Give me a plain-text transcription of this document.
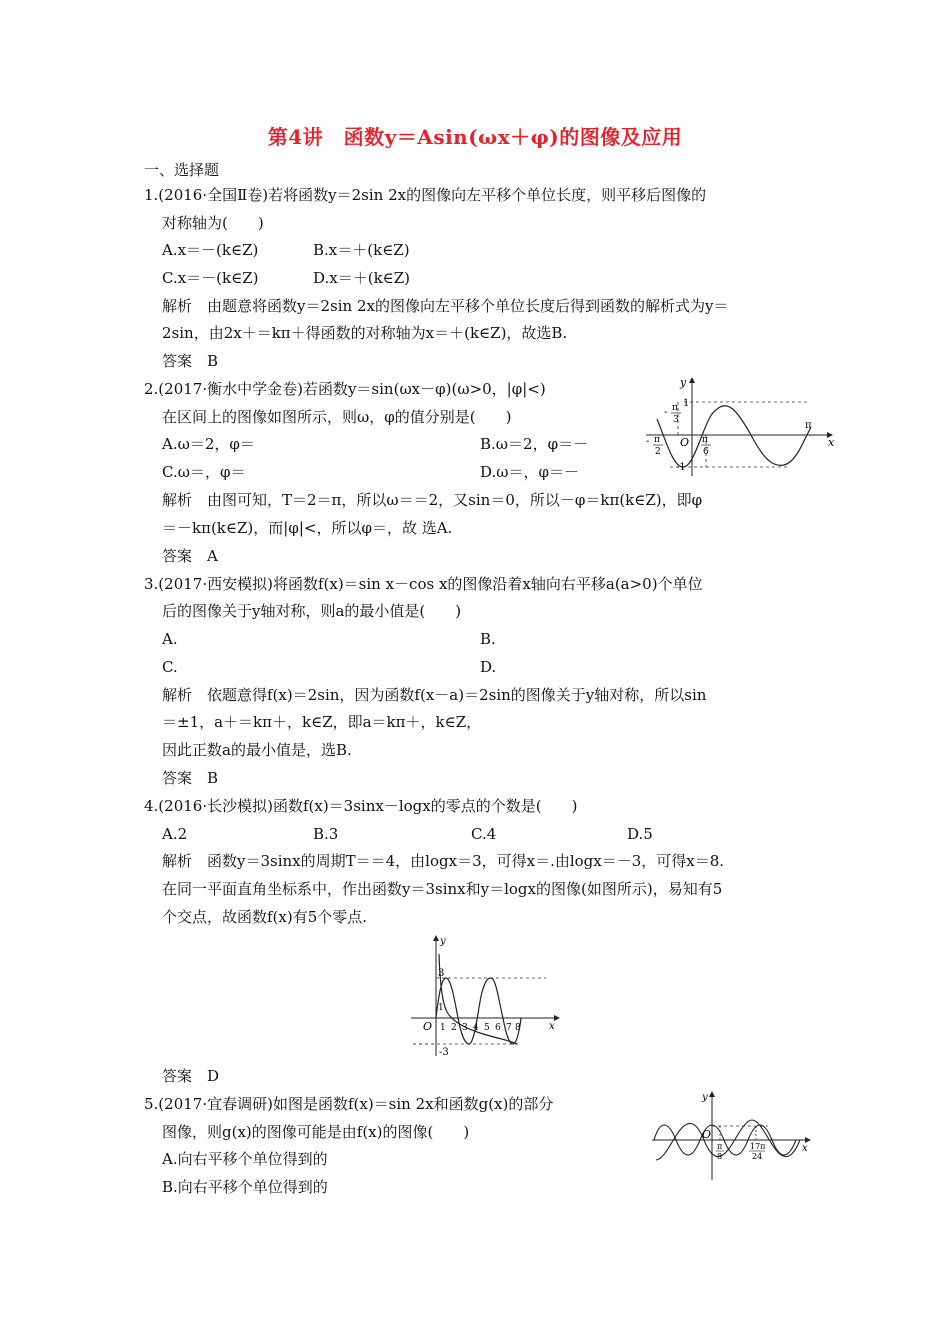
第4讲　函数y＝Asin(ωx＋φ)的图像及应用
一、选择题
1.(2016·全国Ⅱ卷)若将函数y＝2sin 2x的图像向左平移个单位长度，则平移后图像的
对称轴为(　　)
A.x＝－(k∈Z)	B.x＝＋(k∈Z)
C.x＝－(k∈Z)	D.x＝＋(k∈Z)
解析　由题意将函数y＝2sin 2x的图像向左平移个单位长度后得到函数的解析式为y＝
2sin，由2x＋＝kπ＋得函数的对称轴为x＝＋(k∈Z)，故选B.
答案　B
2.(2017·衡水中学金卷)若函数y＝sin(ωx－φ)(ω>0，|φ|<)
在区间上的图像如图所示，则ω，φ的值分别是(　　)
A.ω＝2，φ＝	B.ω＝2，φ＝－
C.ω＝，φ＝	D.ω＝，φ＝－
解析　由图可知，T＝2＝π，所以ω＝＝2，又sin＝0，所以－φ＝kπ(k∈Z)，即φ
＝－kπ(k∈Z)，而|φ|<，所以φ＝，故 选A.
答案　A
y
x
O
1
-1
π
- π
3
- π
2
π
6
3.(2017·西安模拟)将函数f(x)＝sin x－cos x的图像沿着x轴向右平移a(a>0)个单位
后的图像关于y轴对称，则a的最小值是(　　)
A.	B.
C.	D.
解析　依题意得f(x)＝2sin，因为函数f(x－a)＝2sin的图像关于y轴对称，所以sin
＝±1，a＋＝kπ＋，k∈Z，即a＝kπ＋，k∈Z，
因此正数a的最小值是，选B.
答案　B
4.(2016·长沙模拟)函数f(x)＝3sinx－logx的零点的个数是(　　)
A.2	B.3	C.4	D.5
解析　函数y＝3sinx的周期T＝＝4，由logx＝3，可得x＝.由logx＝－3，可得x＝8.
在同一平面直角坐标系中，作出函数y＝3sinx和y＝logx的图像(如图所示)，易知有5
个交点，故函数f(x)有5个零点.
y
x
O
3
1
-3
1 2 3 4 5 6 7 8
答案　D
5.(2017·宜春调研)如图是函数f(x)＝sin 2x和函数g(x)的部分
图像，则g(x)的图像可能是由f(x)的图像(　　)
A.向右平移个单位得到的
B.向右平移个单位得到的
y
x
O
π
8
17π
24
